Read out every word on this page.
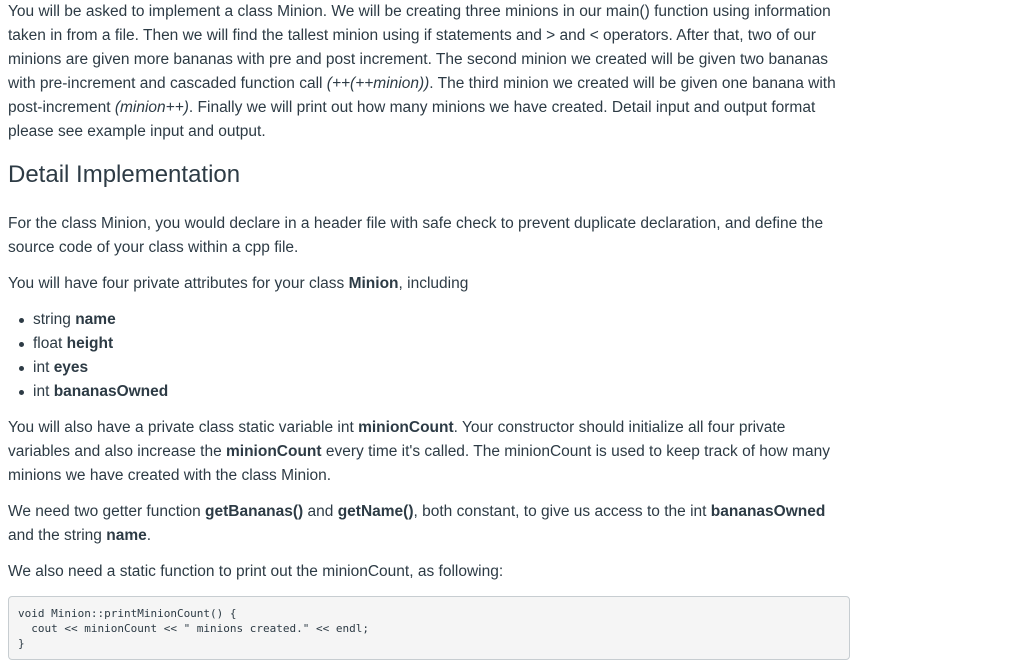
You will be asked to implement a class Minion. We will be creating three minions in our main() function using information taken in from a file. Then we will find the tallest minion using if statements and > and < operators. After that, two of our minions are given more bananas with pre and post increment. The second minion we created will be given two bananas with pre-increment and cascaded function call (++(++minion)). The third minion we created will be given one banana with post-increment (minion++). Finally we will print out how many minions we have created. Detail input and output format please see example input and output.

Detail Implementation

For the class Minion, you would declare in a header file with safe check to prevent duplicate declaration, and define the source code of your class within a cpp file.

You will have four private attributes for your class Minion, including

string name
float height
int eyes
int bananasOwned

You will also have a private class static variable int minionCount. Your constructor should initialize all four private variables and also increase the minionCount every time it's called. The minionCount is used to keep track of how many minions we have created with the class Minion.

We need two getter function getBananas() and getName(), both constant, to give us access to the int bananasOwned and the string name.

We also need a static function to print out the minionCount, as following:

void Minion::printMinionCount() {
cout << minionCount << " minions created." << endl;
}
